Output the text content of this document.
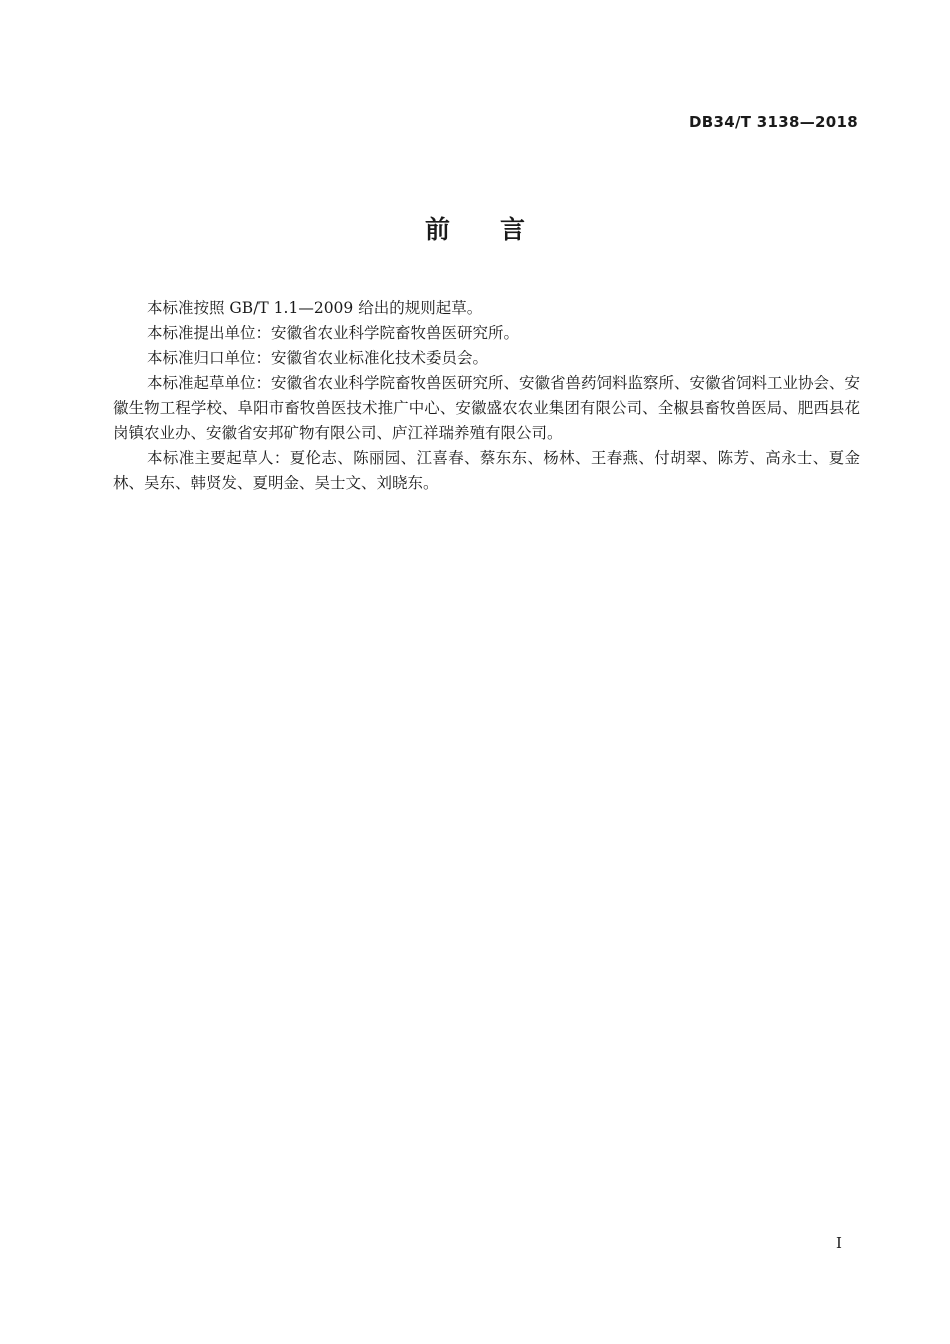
DB34/T 3138—2018
前言

本标准按照 GB/T 1.1—2009 给出的规则起草。

本标准提出单位：安徽省农业科学院畜牧兽医研究所。

本标准归口单位：安徽省农业标准化技术委员会。

本标准起草单位：安徽省农业科学院畜牧兽医研究所、安徽省兽药饲料监察所、安徽省饲料工业协会、安徽生物工程学校、阜阳市畜牧兽医技术推广中心、安徽盛农农业集团有限公司、全椒县畜牧兽医局、肥西县花岗镇农业办、安徽省安邦矿物有限公司、庐江祥瑞养殖有限公司。

本标准主要起草人：夏伦志、陈丽园、江喜春、蔡东东、杨林、王春燕、付胡翠、陈芳、高永士、夏金林、吴东、韩贤发、夏明金、吴士文、刘晓东。

I
